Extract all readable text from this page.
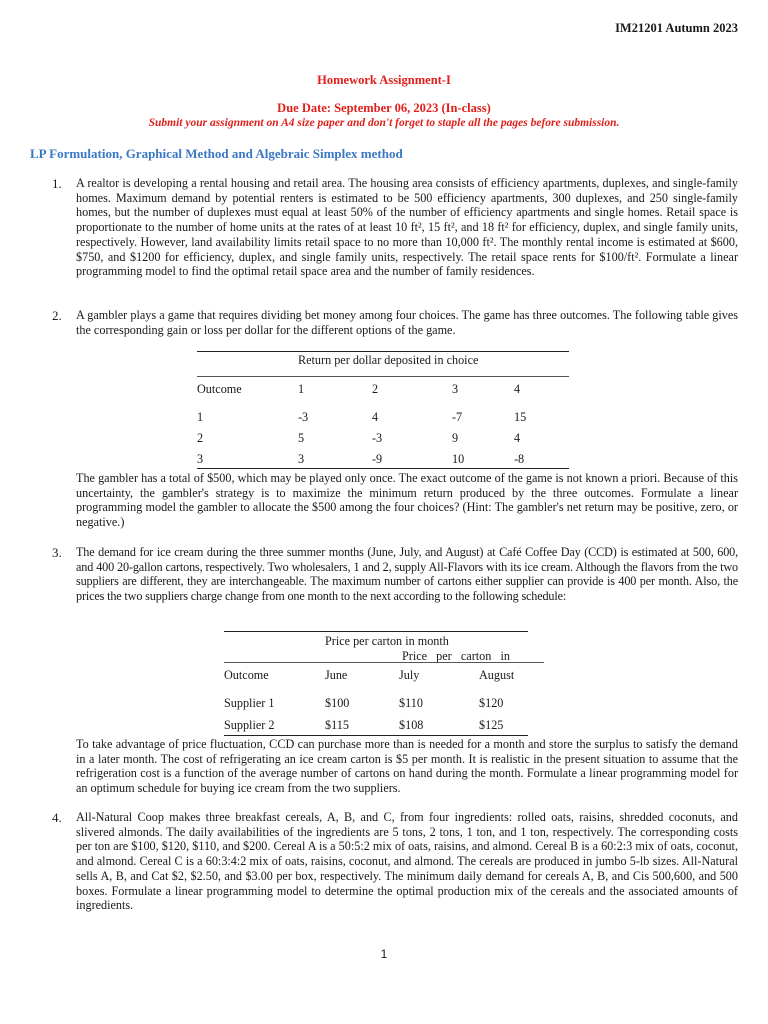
IM21201 Autumn 2023
Homework Assignment-I
Due Date: September 06, 2023 (In-class)
Submit your assignment on A4 size paper and don't forget to staple all the pages before submission.
LP Formulation, Graphical Method and Algebraic Simplex method
1. A realtor is developing a rental housing and retail area. The housing area consists of efficiency apartments, duplexes, and single-family homes. Maximum demand by potential renters is estimated to be 500 efficiency apartments, 300 duplexes, and 250 single-family homes, but the number of duplexes must equal at least 50% of the number of efficiency apartments and single homes. Retail space is proportionate to the number of home units at the rates of at least 10 ft², 15 ft², and 18 ft² for efficiency, duplex, and single family units, respectively. However, land availability limits retail space to no more than 10,000 ft². The monthly rental income is estimated at $600, $750, and $1200 for efficiency, duplex, and single family units, respectively. The retail space rents for $100/ft². Formulate a linear programming model to find the optimal retail space area and the number of family residences.
2. A gambler plays a game that requires dividing bet money among four choices. The game has three outcomes. The following table gives the corresponding gain or loss per dollar for the different options of the game.
Return per dollar deposited in choice
Outcome	1	2	3	4

1	-3	4	-7	15
2	5	-3	9	4
3	3	-9	10	-8
The gambler has a total of $500, which may be played only once. The exact outcome of the game is not known a priori. Because of this uncertainty, the gambler's strategy is to maximize the minimum return produced by the three outcomes. Formulate a linear programming model the gambler to allocate the $500 among the four choices? (Hint: The gambler's net return may be positive, zero, or negative.)
3. The demand for ice cream during the three summer months (June, July, and August) at Café Coffee Day (CCD) is estimated at 500, 600, and 400 20-gallon cartons, respectively. Two wholesalers, 1 and 2, supply All-Flavors with its ice cream. Although the flavors from the two suppliers are different, they are interchangeable. The maximum number of cartons either supplier can provide is 400 per month. Also, the prices the two suppliers charge change from one month to the next according to the following schedule:
Price per carton in month
Price   per   carton   in
Outcome	June	July	August

Supplier 1	$100	$110	$120
Supplier 2	$115	$108	$125
To take advantage of price fluctuation, CCD can purchase more than is needed for a month and store the surplus to satisfy the demand in a later month. The cost of refrigerating an ice cream carton is $5 per month. It is realistic in the present situation to assume that the refrigeration cost is a function of the average number of cartons on hand during the month. Formulate a linear programming model for an optimum schedule for buying ice cream from the two suppliers.
4. All-Natural Coop makes three breakfast cereals, A, B, and C, from four ingredients: rolled oats, raisins, shredded coconuts, and slivered almonds. The daily availabilities of the ingredients are 5 tons, 2 tons, 1 ton, and 1 ton, respectively. The corresponding costs per ton are $100, $120, $110, and $200. Cereal A is a 50:5:2 mix of oats, raisins, and almond. Cereal B is a 60:2:3 mix of oats, coconut, and almond. Cereal C is a 60:3:4:2 mix of oats, raisins, coconut, and almond. The cereals are produced in jumbo 5-lb sizes. All-Natural sells A, B, and Cat $2, $2.50, and $3.00 per box, respectively. The minimum daily demand for cereals A, B, and Cis 500,600, and 500 boxes. Formulate a linear programming model to determine the optimal production mix of the cereals and the associated amounts of ingredients.
1
